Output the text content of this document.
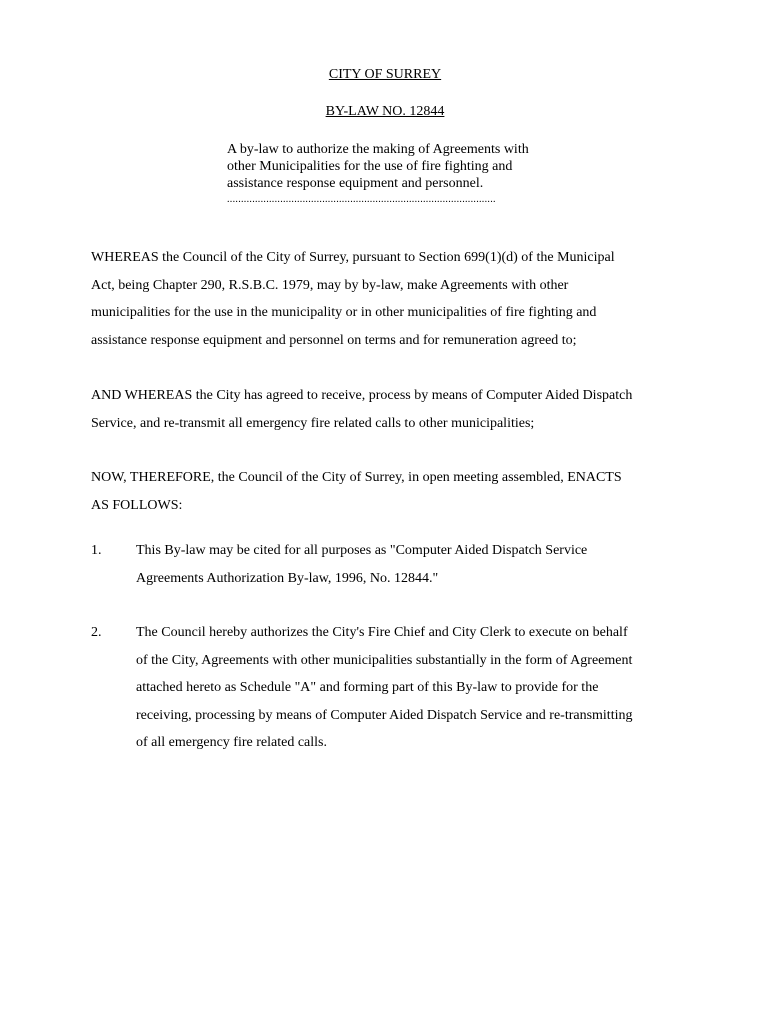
CITY OF SURREY
BY-LAW NO. 12844
A by-law to authorize the making of Agreements with
other Municipalities for the use of fire fighting and
assistance response equipment and personnel.
................................................................................................
WHEREAS the Council of the City of Surrey, pursuant to Section 699(1)(d) of the Municipal
Act, being Chapter 290, R.S.B.C. 1979, may by by-law, make Agreements with other
municipalities for the use in the municipality or in other municipalities of fire fighting and
assistance response equipment and personnel on terms and for remuneration agreed to;
AND WHEREAS the City has agreed to receive, process by means of Computer Aided Dispatch
Service, and re-transmit all emergency fire related calls to other municipalities;
NOW, THEREFORE, the Council of the City of Surrey, in open meeting assembled, ENACTS
AS FOLLOWS:
1. This By-law may be cited for all purposes as "Computer Aided Dispatch Service
Agreements Authorization By-law, 1996, No. 12844."
2. The Council hereby authorizes the City's Fire Chief and City Clerk to execute on behalf
of the City, Agreements with other municipalities substantially in the form of Agreement
attached hereto as Schedule "A" and forming part of this By-law to provide for the
receiving, processing by means of Computer Aided Dispatch Service and re-transmitting
of all emergency fire related calls.
